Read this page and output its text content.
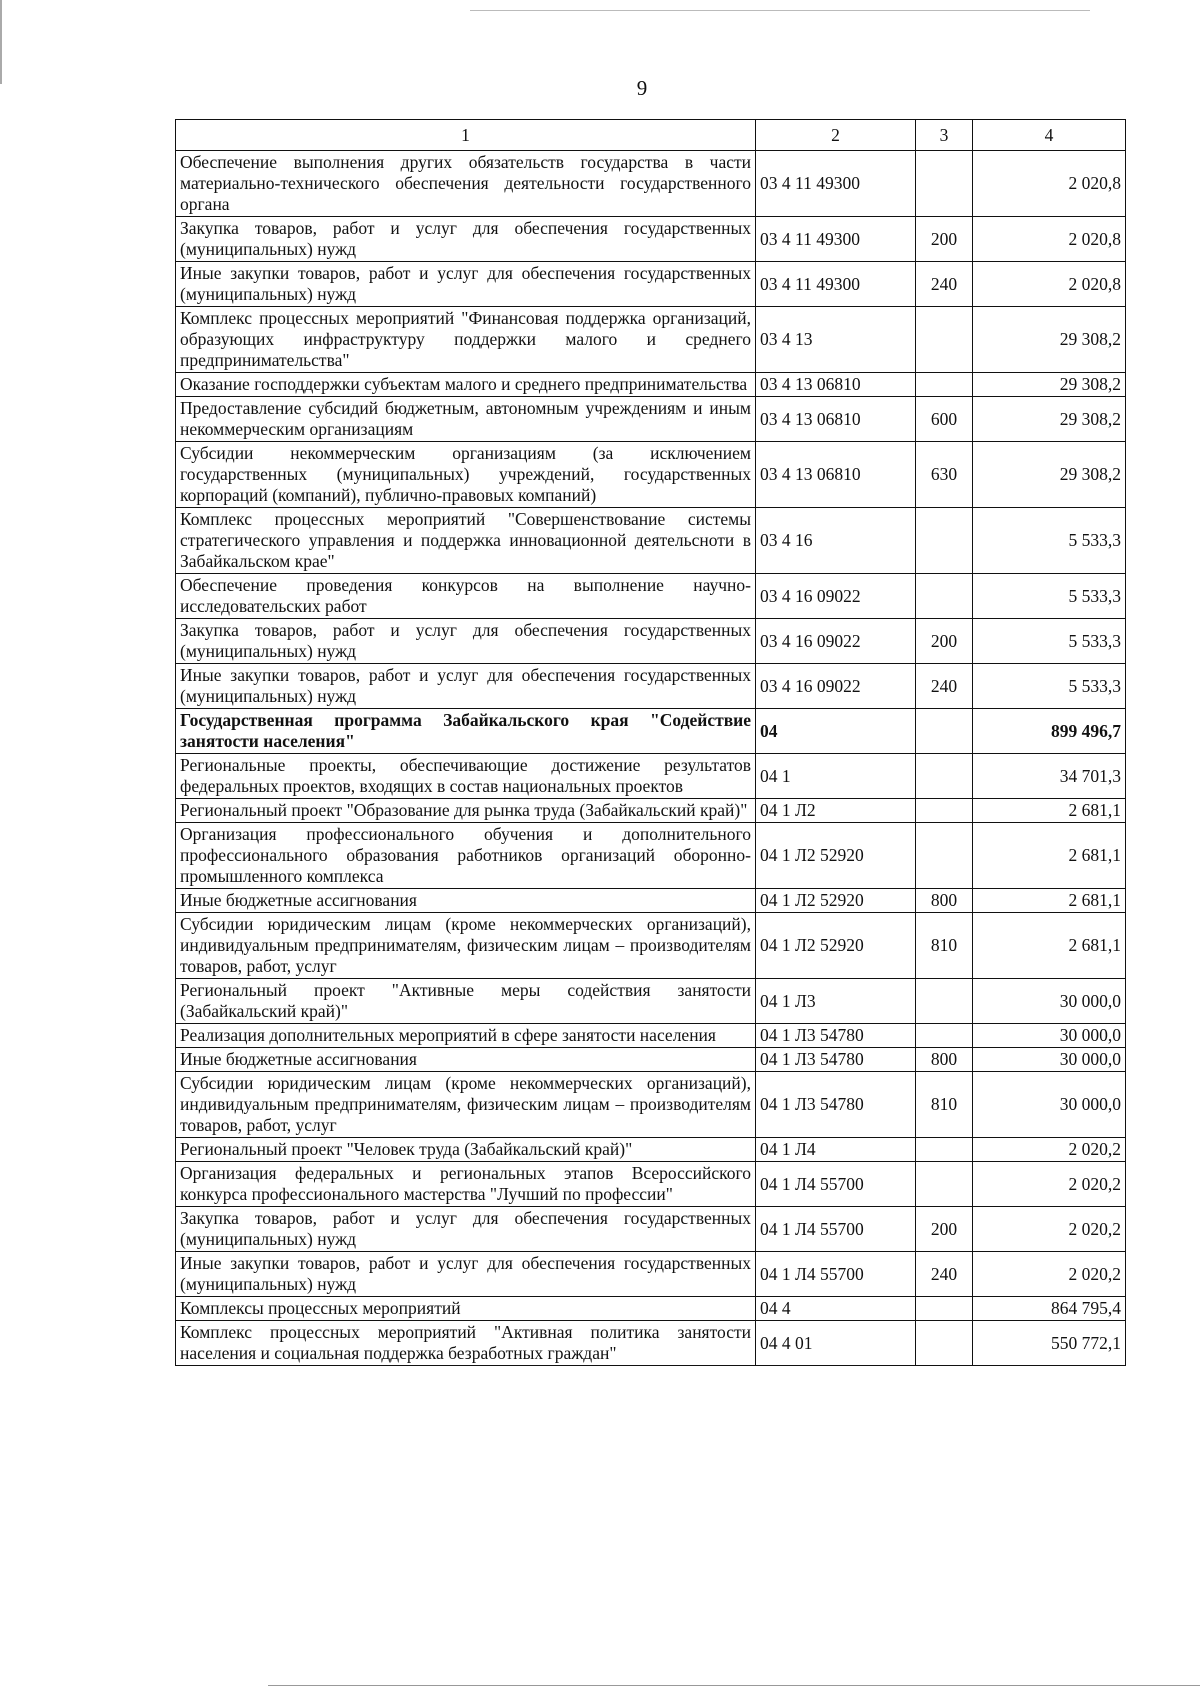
9
1	2	3	4
Обеспечение выполнения других обязательств государства в части материально-технического обеспечения деятельности государственного органа	03 4 11 49300		2 020,8
Закупка товаров, работ и услуг для обеспечения государственных (муниципальных) нужд	03 4 11 49300	200	2 020,8
Иные закупки товаров, работ и услуг для обеспечения государственных (муниципальных) нужд	03 4 11 49300	240	2 020,8
Комплекс процессных мероприятий "Финансовая поддержка организаций, образующих инфраструктуру поддержки малого и среднего предпринимательства"	03 4 13		29 308,2
Оказание господдержки субъектам малого и среднего предпринимательства	03 4 13 06810		29 308,2
Предоставление субсидий бюджетным, автономным учреждениям и иным некоммерческим организациям	03 4 13 06810	600	29 308,2
Субсидии некоммерческим организациям (за исключением государственных (муниципальных) учреждений, государственных корпораций (компаний), публично-правовых компаний)	03 4 13 06810	630	29 308,2
Комплекс процессных мероприятий "Совершенствование системы стратегического управления и поддержка инновационной деятельсноти в Забайкальском крае"	03 4 16		5 533,3
Обеспечение проведения конкурсов на выполнение научно-исследовательских работ	03 4 16 09022		5 533,3
Закупка товаров, работ и услуг для обеспечения государственных (муниципальных) нужд	03 4 16 09022	200	5 533,3
Иные закупки товаров, работ и услуг для обеспечения государственных (муниципальных) нужд	03 4 16 09022	240	5 533,3
Государственная программа Забайкальского края "Содействие занятости населения"	04		899 496,7
Региональные проекты, обеспечивающие достижение результатов федеральных проектов, входящих в состав национальных проектов	04 1		34 701,3
Региональный проект "Образование для рынка труда (Забайкальский край)"	04 1 Л2		2 681,1
Организация профессионального обучения и дополнительного профессионального образования работников организаций оборонно-промышленного комплекса	04 1 Л2 52920		2 681,1
Иные бюджетные ассигнования	04 1 Л2 52920	800	2 681,1
Субсидии юридическим лицам (кроме некоммерческих организаций), индивидуальным предпринимателям, физическим лицам – производителям товаров, работ, услуг	04 1 Л2 52920	810	2 681,1
Региональный проект "Активные меры содействия занятости (Забайкальский край)"	04 1 Л3		30 000,0
Реализация дополнительных мероприятий в сфере занятости населения	04 1 Л3 54780		30 000,0
Иные бюджетные ассигнования	04 1 Л3 54780	800	30 000,0
Субсидии юридическим лицам (кроме некоммерческих организаций), индивидуальным предпринимателям, физическим лицам – производителям товаров, работ, услуг	04 1 Л3 54780	810	30 000,0
Региональный проект "Человек труда (Забайкальский край)"	04 1 Л4		2 020,2
Организация федеральных и региональных этапов Всероссийского конкурса профессионального мастерства "Лучший по профессии"	04 1 Л4 55700		2 020,2
Закупка товаров, работ и услуг для обеспечения государственных (муниципальных) нужд	04 1 Л4 55700	200	2 020,2
Иные закупки товаров, работ и услуг для обеспечения государственных (муниципальных) нужд	04 1 Л4 55700	240	2 020,2
Комплексы процессных мероприятий	04 4		864 795,4
Комплекс процессных мероприятий "Активная политика занятости населения и социальная поддержка безработных граждан"	04 4 01		550 772,1
